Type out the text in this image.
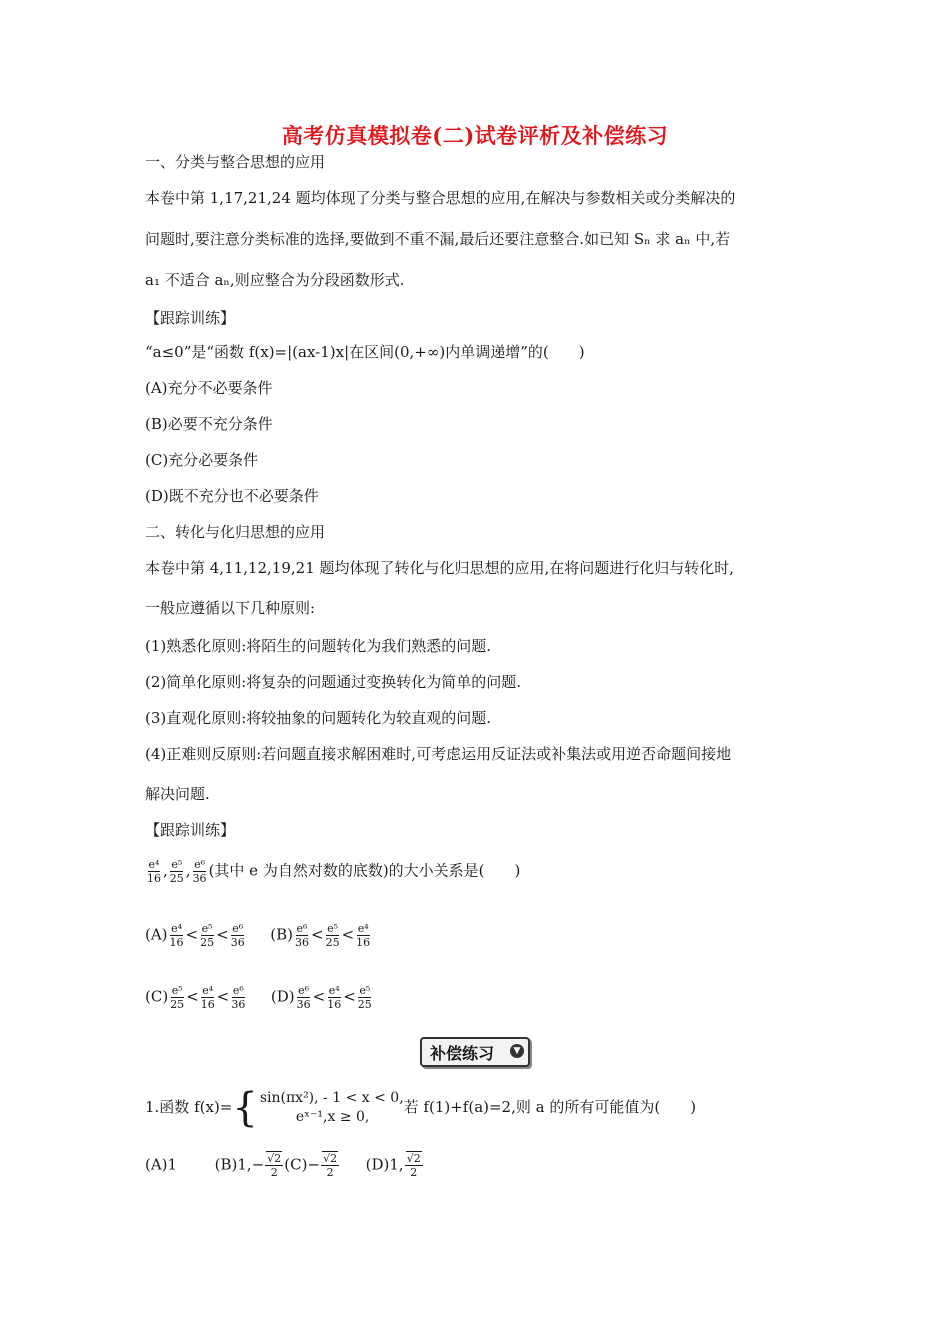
高考仿真模拟卷(二)试卷评析及补偿练习
一、分类与整合思想的应用
本卷中第 1,17,21,24 题均体现了分类与整合思想的应用,在解决与参数相关或分类解决的
问题时,要注意分类标准的选择,要做到不重不漏,最后还要注意整合.如已知 Sₙ 求 aₙ 中,若
a₁ 不适合 aₙ,则应整合为分段函数形式.
【跟踪训练】
“a≤0”是“函数 f(x)=|(ax-1)x|在区间(0,+∞)内单调递增”的(　　)
(A)充分不必要条件
(B)必要不充分条件
(C)充分必要条件
(D)既不充分也不必要条件
二、转化与化归思想的应用
本卷中第 4,11,12,19,21 题均体现了转化与化归思想的应用,在将问题进行化归与转化时,
一般应遵循以下几种原则:
(1)熟悉化原则:将陌生的问题转化为我们熟悉的问题.
(2)简单化原则:将复杂的问题通过变换转化为简单的问题.
(3)直观化原则:将较抽象的问题转化为较直观的问题.
(4)正难则反原则:若问题直接求解困难时,可考虑运用反证法或补集法或用逆否命题间接地
解决问题.
【跟踪训练】
$\frac{\text{e⁴}}{16}$ , $\frac{\text{e⁵}}{25}$ , $\frac{\text{e⁶}}{36}$ (其中 e 为自然对数的底数)的大小关系是(　　)
$(A) \frac{\text{e⁴}}{16} < \frac{\text{e⁵}}{25} < \frac{\text{e⁶}}{36} (B) \frac{\text{e⁶}}{36} < \frac{\text{e⁵}}{25} < \frac{\text{e⁴}}{16}$
$(C) \frac{\text{e⁵}}{25} < \frac{\text{e⁴}}{16} < \frac{\text{e⁶}}{36} (D) \frac{\text{e⁶}}{36} < \frac{\text{e⁴}}{16} < \frac{\text{e⁵}}{25}$
补偿练习	▼
1.函数 f(x)={ sin(πx²), - 1 < x < 0,
eˣ⁻¹,x ≥ 0,
若 f(1)+f(a)=2,则 a 的所有可能值为(　　)
(A)1	$(B)1,- \frac{√2}{2} (C)- \frac{√2}{2} (D)1$, $\frac{√2}{2}$
